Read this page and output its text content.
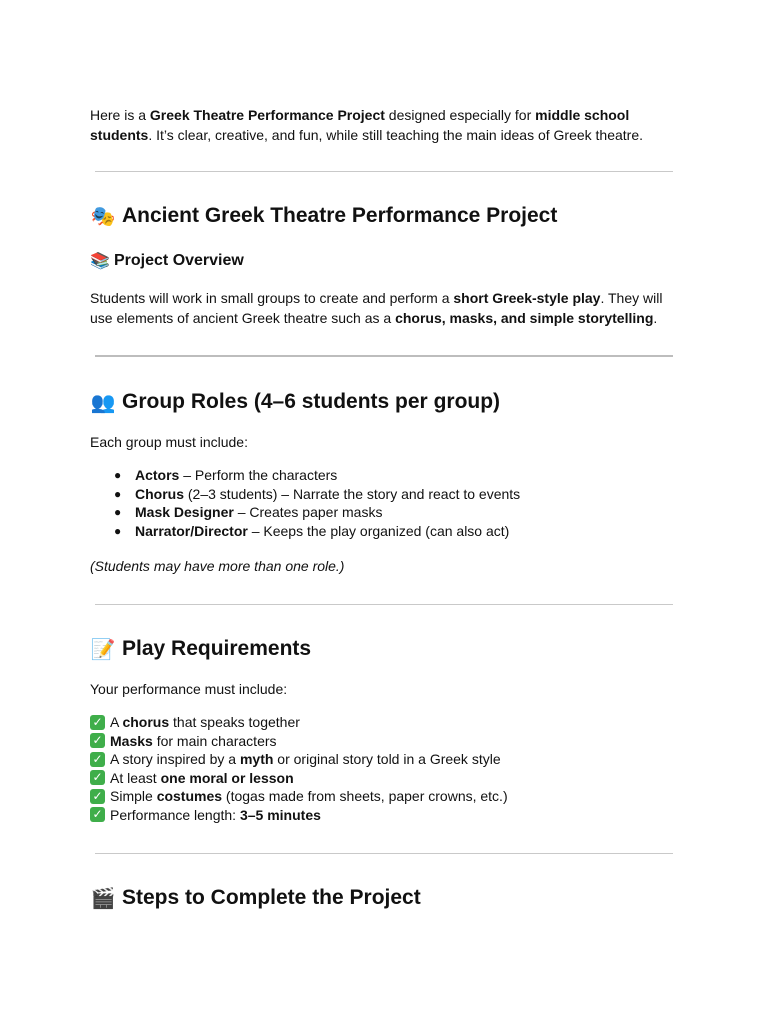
Here is a Greek Theatre Performance Project designed especially for middle school students. It’s clear, creative, and fun, while still teaching the main ideas of Greek theatre.

🎭 Ancient Greek Theatre Performance Project
📚 Project Overview

Students will work in small groups to create and perform a short Greek-style play. They will use elements of ancient Greek theatre such as a chorus, masks, and simple storytelling.

👥 Group Roles (4–6 students per group)

Each group must include:

● Actors – Perform the characters
● Chorus (2–3 students) – Narrate the story and react to events
● Mask Designer – Creates paper masks
● Narrator/Director – Keeps the play organized (can also act)

(Students may have more than one role.)

📝 Play Requirements

Your performance must include:

✓ A chorus that speaks together
✓ Masks for main characters
✓ A story inspired by a myth or original story told in a Greek style
✓ At least one moral or lesson
✓ Simple costumes (togas made from sheets, paper crowns, etc.)
✓ Performance length: 3–5 minutes
🎬 Steps to Complete the Project
